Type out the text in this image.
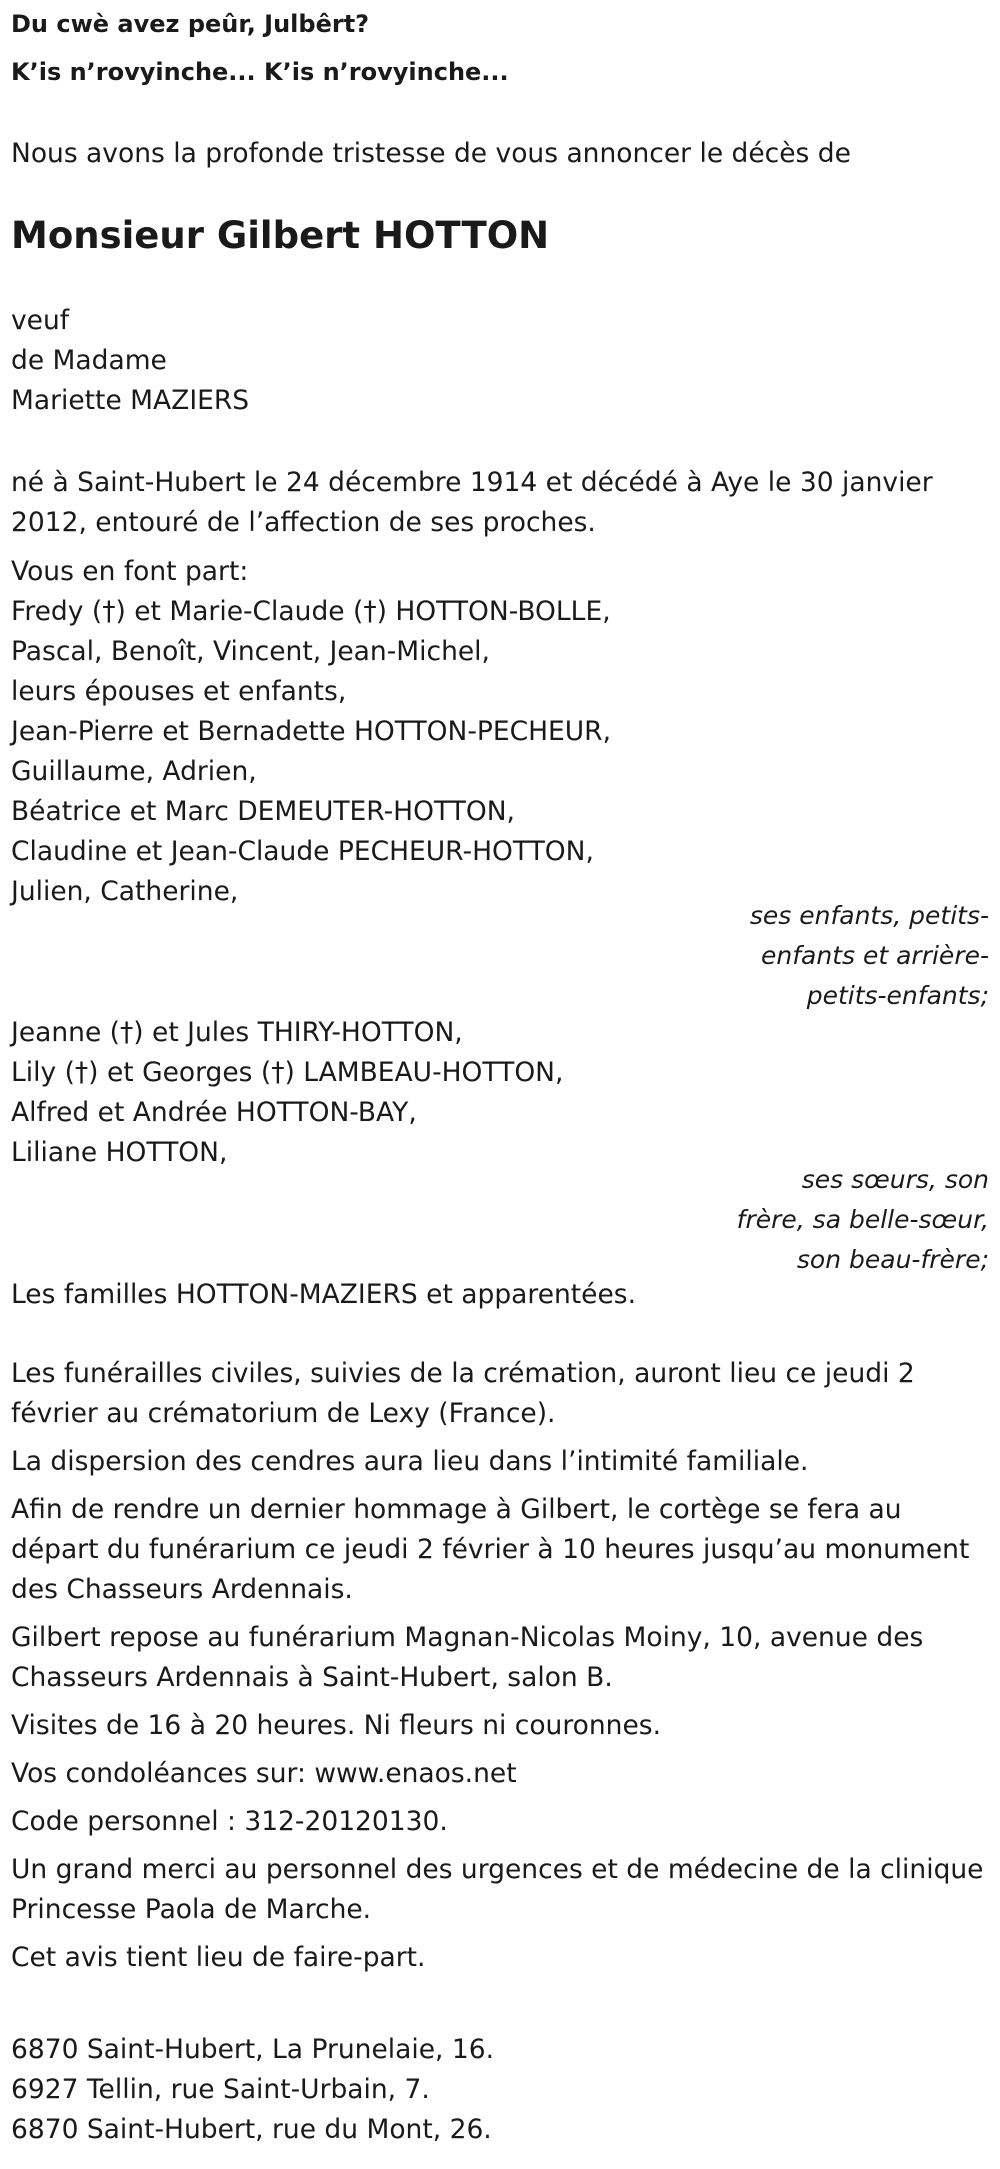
Du cwè avez peûr, Julbêrt?

K’is n’rovyinche... K’is n’rovyinche...

Nous avons la profonde tristesse de vous annoncer le décès de

Monsieur Gilbert HOTTON

veuf

de Madame

Mariette MAZIERS

né à Saint-Hubert le 24 décembre 1914 et décédé à Aye le 30 janvier

2012, entouré de l’affection de ses proches.

Vous en font part:

Fredy (†) et Marie-Claude (†) HOTTON-BOLLE,

Pascal, Benoît, Vincent, Jean-Michel,

leurs épouses et enfants,

Jean-Pierre et Bernadette HOTTON-PECHEUR,

Guillaume, Adrien,

Béatrice et Marc DEMEUTER-HOTTON,

Claudine et Jean-Claude PECHEUR-HOTTON,

Julien, Catherine,

ses enfants, petits-

enfants et arrière-

petits-enfants;

Jeanne (†) et Jules THIRY-HOTTON,

Lily (†) et Georges (†) LAMBEAU-HOTTON,

Alfred et Andrée HOTTON-BAY,

Liliane HOTTON,

ses sœurs, son

frère, sa belle-sœur,

son beau-frère;

Les familles HOTTON-MAZIERS et apparentées.

Les funérailles civiles, suivies de la crémation, auront lieu ce jeudi 2

février au crématorium de Lexy (France).

La dispersion des cendres aura lieu dans l’intimité familiale.

Afin de rendre un dernier hommage à Gilbert, le cortège se fera au

départ du funérarium ce jeudi 2 février à 10 heures jusqu’au monument

des Chasseurs Ardennais.

Gilbert repose au funérarium Magnan-Nicolas Moiny, 10, avenue des

Chasseurs Ardennais à Saint-Hubert, salon B.

Visites de 16 à 20 heures. Ni fleurs ni couronnes.

Vos condoléances sur: www.enaos.net

Code personnel : 312-20120130.

Un grand merci au personnel des urgences et de médecine de la clinique

Princesse Paola de Marche.

Cet avis tient lieu de faire-part.

6870 Saint-Hubert, La Prunelaie, 16.

6927 Tellin, rue Saint-Urbain, 7.

6870 Saint-Hubert, rue du Mont, 26.
